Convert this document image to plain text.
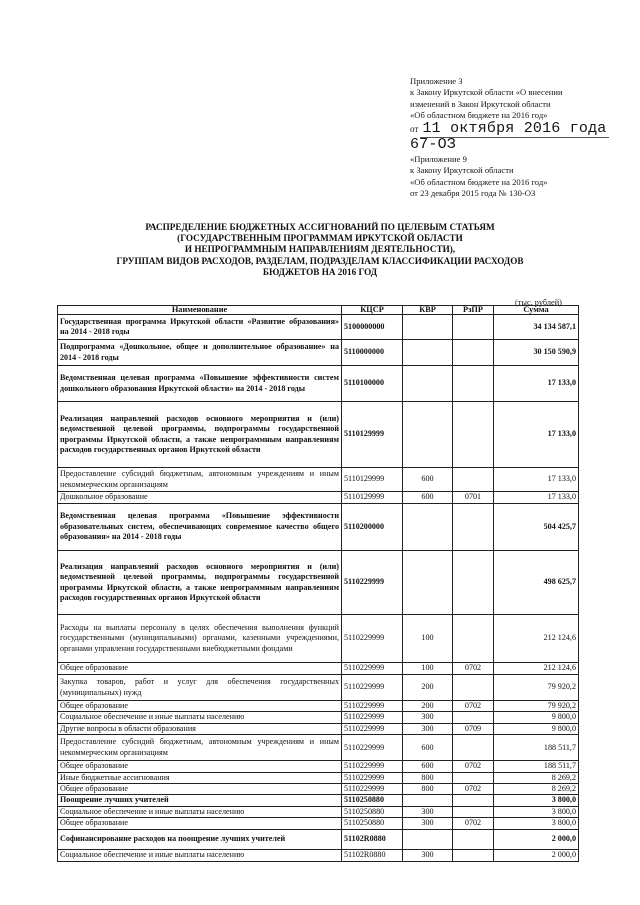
Приложение 3
к Закону Иркутской области «О внесении
изменений в Закон Иркутской области
«Об областном бюджете на 2016 год»
от 11 октября 2016 года
67-ОЗ
«Приложение 9
к Закону Иркутской области
«Об областном бюджете на 2016 год»
от 23 декабря 2015 года № 130-ОЗ
РАСПРЕДЕЛЕНИЕ БЮДЖЕТНЫХ АССИГНОВАНИЙ ПО ЦЕЛЕВЫМ СТАТЬЯМ
(ГОСУДАРСТВЕННЫМ ПРОГРАММАМ ИРКУТСКОЙ ОБЛАСТИ
И НЕПРОГРАММНЫМ НАПРАВЛЕНИЯМ ДЕЯТЕЛЬНОСТИ),
ГРУППАМ ВИДОВ РАСХОДОВ, РАЗДЕЛАМ, ПОДРАЗДЕЛАМ КЛАССИФИКАЦИИ РАСХОДОВ
БЮДЖЕТОВ НА 2016 ГОД
(тыс. рублей)
Наименование	КЦСР	КВР	РзПР	Сумма
Государственная программа Иркутской области «Развитие образования» на 2014 - 2018 годы	5100000000			34 134 587,1
Подпрограмма «Дошкольное, общее и дополнительное образование» на 2014 - 2018 годы	5110000000			30 150 590,9
Ведомственная целевая программа «Повышение эффективности систем дошкольного образования Иркутской области» на 2014 - 2018 годы	5110100000			17 133,0
Реализация направлений расходов основного мероприятия и (или) ведомственной целевой программы, подпрограммы государственной программы Иркутской области, а также непрограммным направлениям расходов государственных органов Иркутской области	5110129999			17 133,0
Предоставление субсидий бюджетным, автономным учреждениям и иным некоммерческим организациям	5110129999	600		17 133,0
Дошкольное образование	5110129999	600	0701	17 133,0
Ведомственная целевая программа «Повышение эффективности образовательных систем, обеспечивающих современное качество общего образования» на 2014 - 2018 годы	5110200000			504 425,7
Реализация направлений расходов основного мероприятия и (или) ведомственной целевой программы, подпрограммы государственной программы Иркутской области, а также непрограммным направлениям расходов государственных органов Иркутской области	5110229999			498 625,7
Расходы на выплаты персоналу в целях обеспечения выполнения функций государственными (муниципальными) органами, казенными учреждениями, органами управления государственными внебюджетными фондами	5110229999	100		212 124,6
Общее образование	5110229999	100	0702	212 124,6
Закупка товаров, работ и услуг для обеспечения государственных (муниципальных) нужд	5110229999	200		79 920,2
Общее образование	5110229999	200	0702	79 920,2
Социальное обеспечение и иные выплаты населению	5110229999	300		9 800,0
Другие вопросы в области образования	5110229999	300	0709	9 800,0
Предоставление субсидий бюджетным, автономным учреждениям и иным некоммерческим организациям	5110229999	600		188 511,7
Общее образование	5110229999	600	0702	188 511,7
Иные бюджетные ассигнования	5110229999	800		8 269,2
Общее образование	5110229999	800	0702	8 269,2
Поощрение лучших учителей	5110250880			3 800,0
Социальное обеспечение и иные выплаты населению	5110250880	300		3 800,0
Общее образование	5110250880	300	0702	3 800,0
Софинансирование расходов на поощрение лучших учителей	51102R0880			2 000,0
Социальное обеспечение и иные выплаты населению	51102R0880	300		2 000,0
